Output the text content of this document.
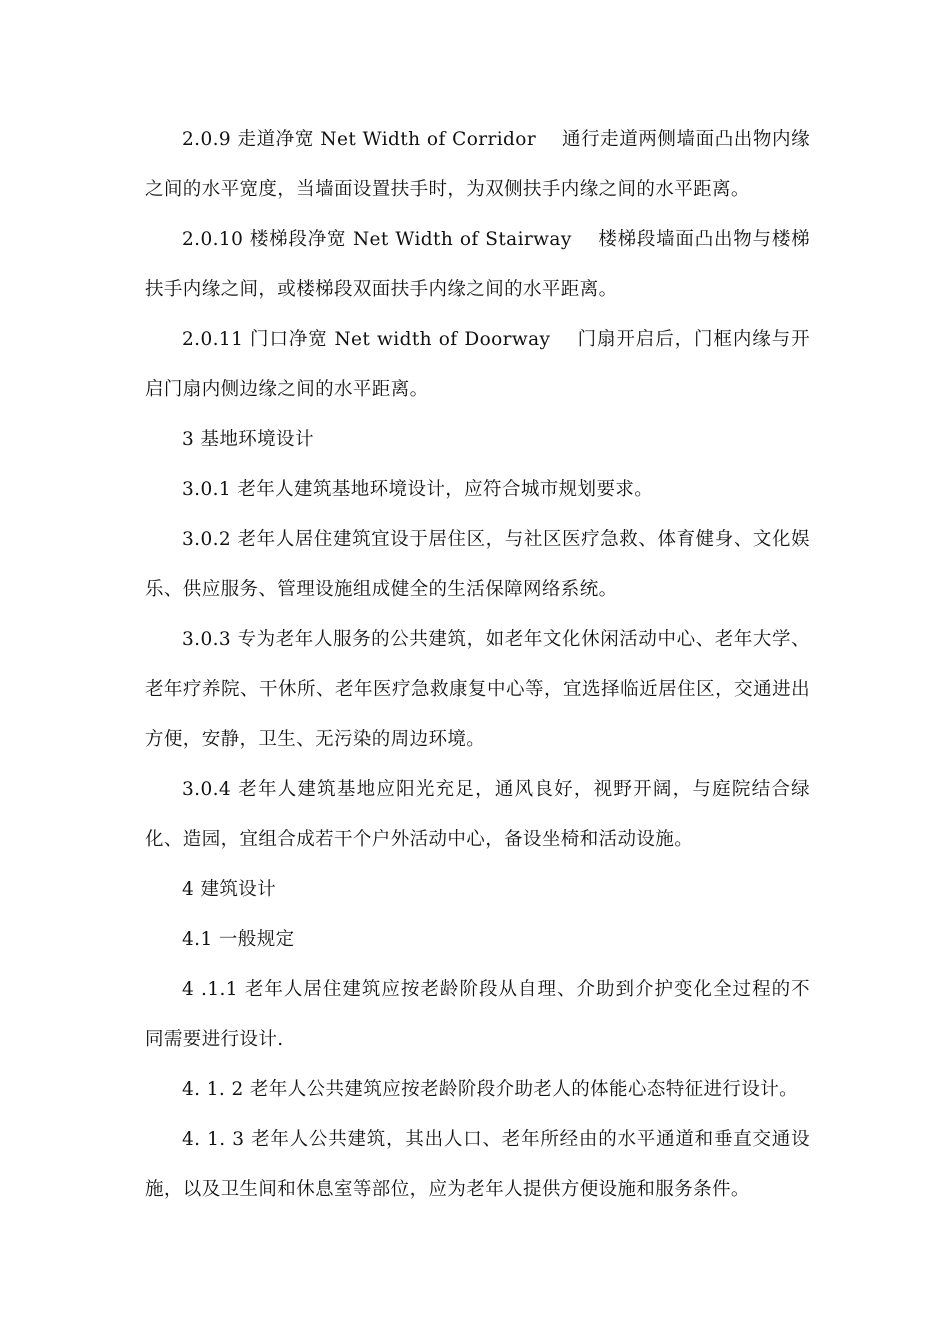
2.0.9 走道净宽 Net Width of Corridor    通行走道两侧墙面凸出物内缘之间的水平宽度，当墙面设置扶手时，为双侧扶手内缘之间的水平距离。

2.0.10 楼梯段净宽 Net Width of Stairway    楼梯段墙面凸出物与楼梯扶手内缘之间，或楼梯段双面扶手内缘之间的水平距离。

2.0.11 门口净宽 Net width of Doorway    门扇开启后，门框内缘与开启门扇内侧边缘之间的水平距离。

3 基地环境设计

3.0.1 老年人建筑基地环境设计，应符合城市规划要求。

3.0.2 老年人居住建筑宜设于居住区，与社区医疗急救、体育健身、文化娱乐、供应服务、管理设施组成健全的生活保障网络系统。

3.0.3 专为老年人服务的公共建筑，如老年文化休闲活动中心、老年大学、老年疗养院、干休所、老年医疗急救康复中心等，宜选择临近居住区，交通进出方便，安静，卫生、无污染的周边环境。

3.0.4 老年人建筑基地应阳光充足，通风良好，视野开阔，与庭院结合绿化、造园，宜组合成若干个户外活动中心，备设坐椅和活动设施。

4 建筑设计

4.1 一般规定

4 .1.1 老年人居住建筑应按老龄阶段从自理、介助到介护变化全过程的不同需要进行设计.

4. 1. 2 老年人公共建筑应按老龄阶段介助老人的体能心态特征进行设计。

4. 1. 3 老年人公共建筑，其出人口、老年所经由的水平通道和垂直交通设施，以及卫生间和休息室等部位，应为老年人提供方便设施和服务条件。
